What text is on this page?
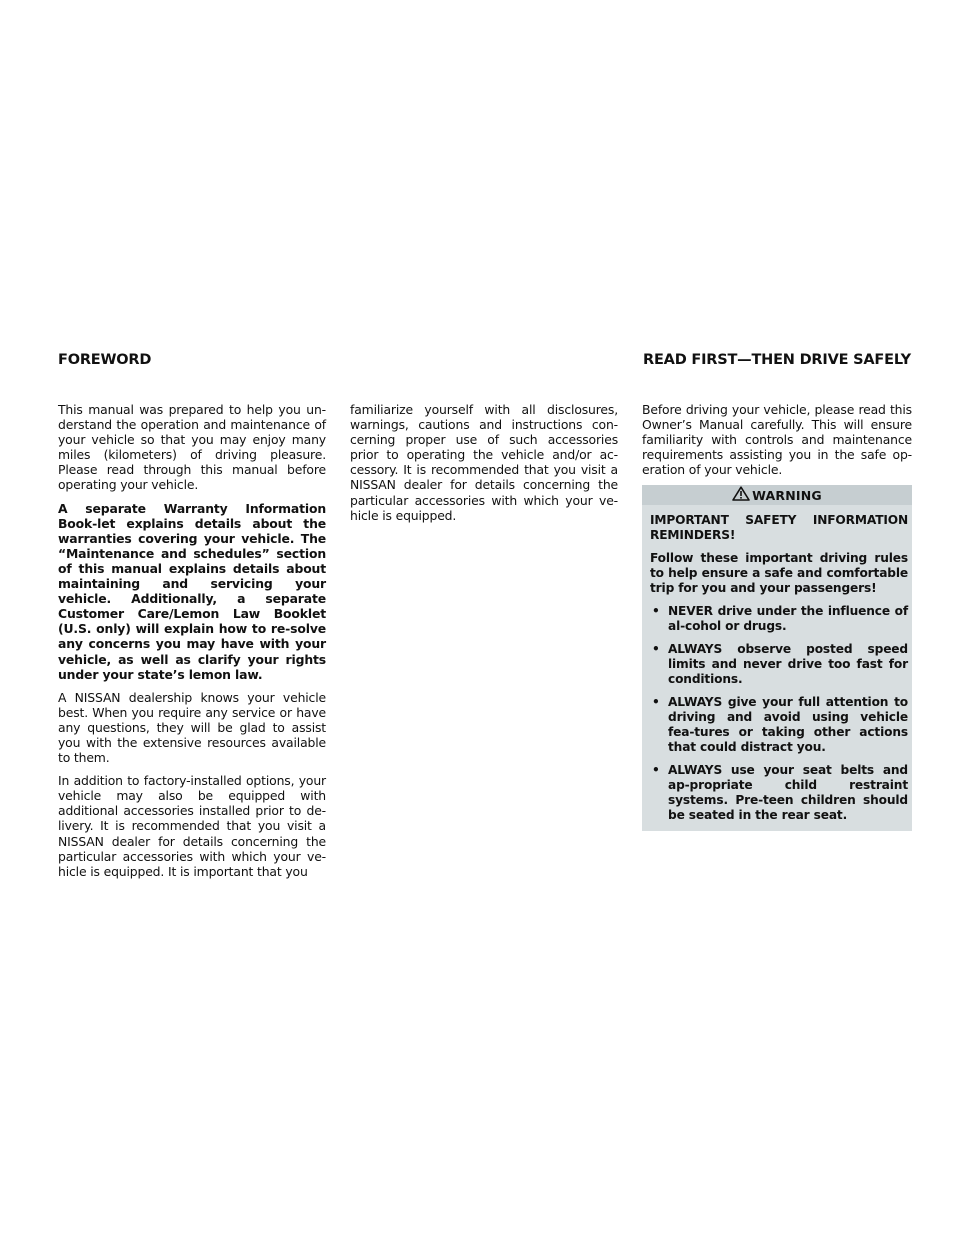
FOREWORD	READ FIRST—THEN DRIVE SAFELY

This manual was prepared to help you un-derstand the operation and maintenance of your vehicle so that you may enjoy many miles (kilometers) of driving pleasure. Please read through this manual before operating your vehicle.

A separate Warranty Information Book-let explains details about the warranties covering your vehicle. The “Maintenance and schedules” section of this manual explains details about maintaining and servicing your vehicle. Additionally, a separate Customer Care/Lemon Law Booklet (U.S. only) will explain how to re-solve any concerns you may have with your vehicle, as well as clarify your rights under your state’s lemon law.

A NISSAN dealership knows your vehicle best. When you require any service or have any questions, they will be glad to assist you with the extensive resources available to them.

In addition to factory-installed options, your vehicle may also be equipped with additional accessories installed prior to de-livery. It is recommended that you visit a NISSAN dealer for details concerning the particular accessories with which your ve-hicle is equipped. It is important that you

familiarize yourself with all disclosures, warnings, cautions and instructions con-cerning proper use of such accessories prior to operating the vehicle and/or ac-cessory. It is recommended that you visit a NISSAN dealer for details concerning the particular accessories with which your ve-hicle is equipped.

Before driving your vehicle, please read this Owner’s Manual carefully. This will ensure familiarity with controls and maintenance requirements assisting you in the safe op-eration of your vehicle.

WARNING

IMPORTANT SAFETY INFORMATION REMINDERS!

Follow these important driving rules to help ensure a safe and comfortable trip for you and your passengers!

• NEVER drive under the influence of al-cohol or drugs.
• ALWAYS observe posted speed limits and never drive too fast for conditions.
• ALWAYS give your full attention to driving and avoid using vehicle fea-tures or taking other actions that could distract you.
• ALWAYS use your seat belts and ap-propriate child restraint systems. Pre-teen children should be seated in the rear seat.
